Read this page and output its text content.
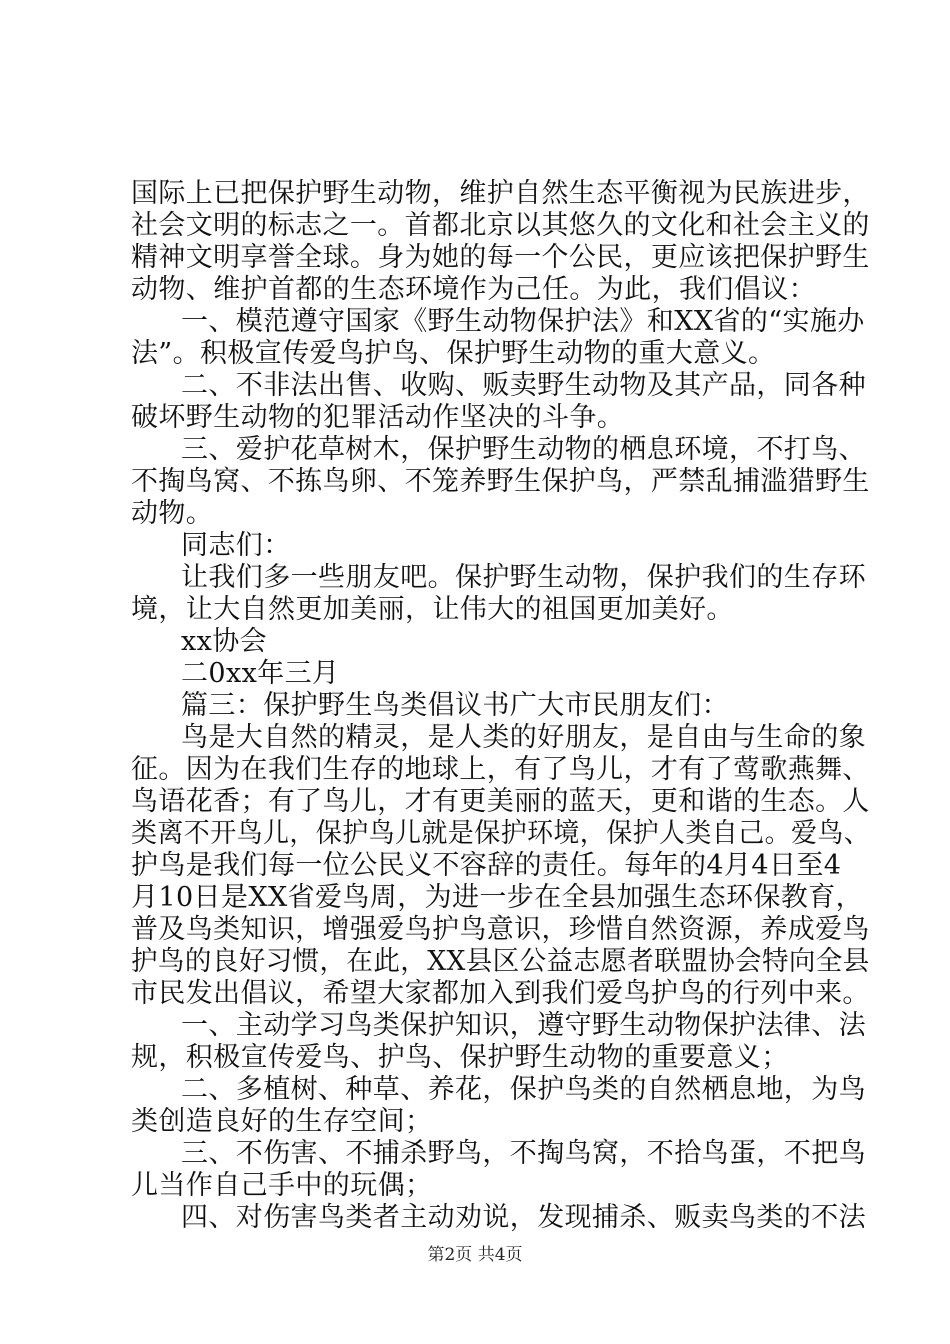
国际上已把保护野生动物，维护自然生态平衡视为民族进步，
社会文明的标志之一。首都北京以其悠久的文化和社会主义的
精神文明享誉全球。身为她的每一个公民，更应该把保护野生
动物、维护首都的生态环境作为己任。为此，我们倡议：
一、模范遵守国家《野生动物保护法》和XX省的“实施办
法”。积极宣传爱鸟护鸟、保护野生动物的重大意义。
二、不非法出售、收购、贩卖野生动物及其产品，同各种
破坏野生动物的犯罪活动作坚决的斗争。
三、爱护花草树木，保护野生动物的栖息环境，不打鸟、
不掏鸟窝、不拣鸟卵、不笼养野生保护鸟，严禁乱捕滥猎野生
动物。
同志们：
让我们多一些朋友吧。保护野生动物，保护我们的生存环
境，让大自然更加美丽，让伟大的祖国更加美好。
xx协会
二0xx年三月
篇三：保护野生鸟类倡议书广大市民朋友们：
鸟是大自然的精灵，是人类的好朋友，是自由与生命的象
征。因为在我们生存的地球上，有了鸟儿，才有了莺歌燕舞、
鸟语花香；有了鸟儿，才有更美丽的蓝天，更和谐的生态。人
类离不开鸟儿，保护鸟儿就是保护环境，保护人类自己。爱鸟、
护鸟是我们每一位公民义不容辞的责任。每年的4月4日至4
月10日是XX省爱鸟周，为进一步在全县加强生态环保教育，
普及鸟类知识，增强爱鸟护鸟意识，珍惜自然资源，养成爱鸟
护鸟的良好习惯，在此，XX县区公益志愿者联盟协会特向全县
市民发出倡议，希望大家都加入到我们爱鸟护鸟的行列中来。
一、主动学习鸟类保护知识，遵守野生动物保护法律、法
规，积极宣传爱鸟、护鸟、保护野生动物的重要意义；
二、多植树、种草、养花，保护鸟类的自然栖息地，为鸟
类创造良好的生存空间；
三、不伤害、不捕杀野鸟，不掏鸟窝，不拾鸟蛋，不把鸟
儿当作自己手中的玩偶；
四、对伤害鸟类者主动劝说，发现捕杀、贩卖鸟类的不法
第2页 共4页
